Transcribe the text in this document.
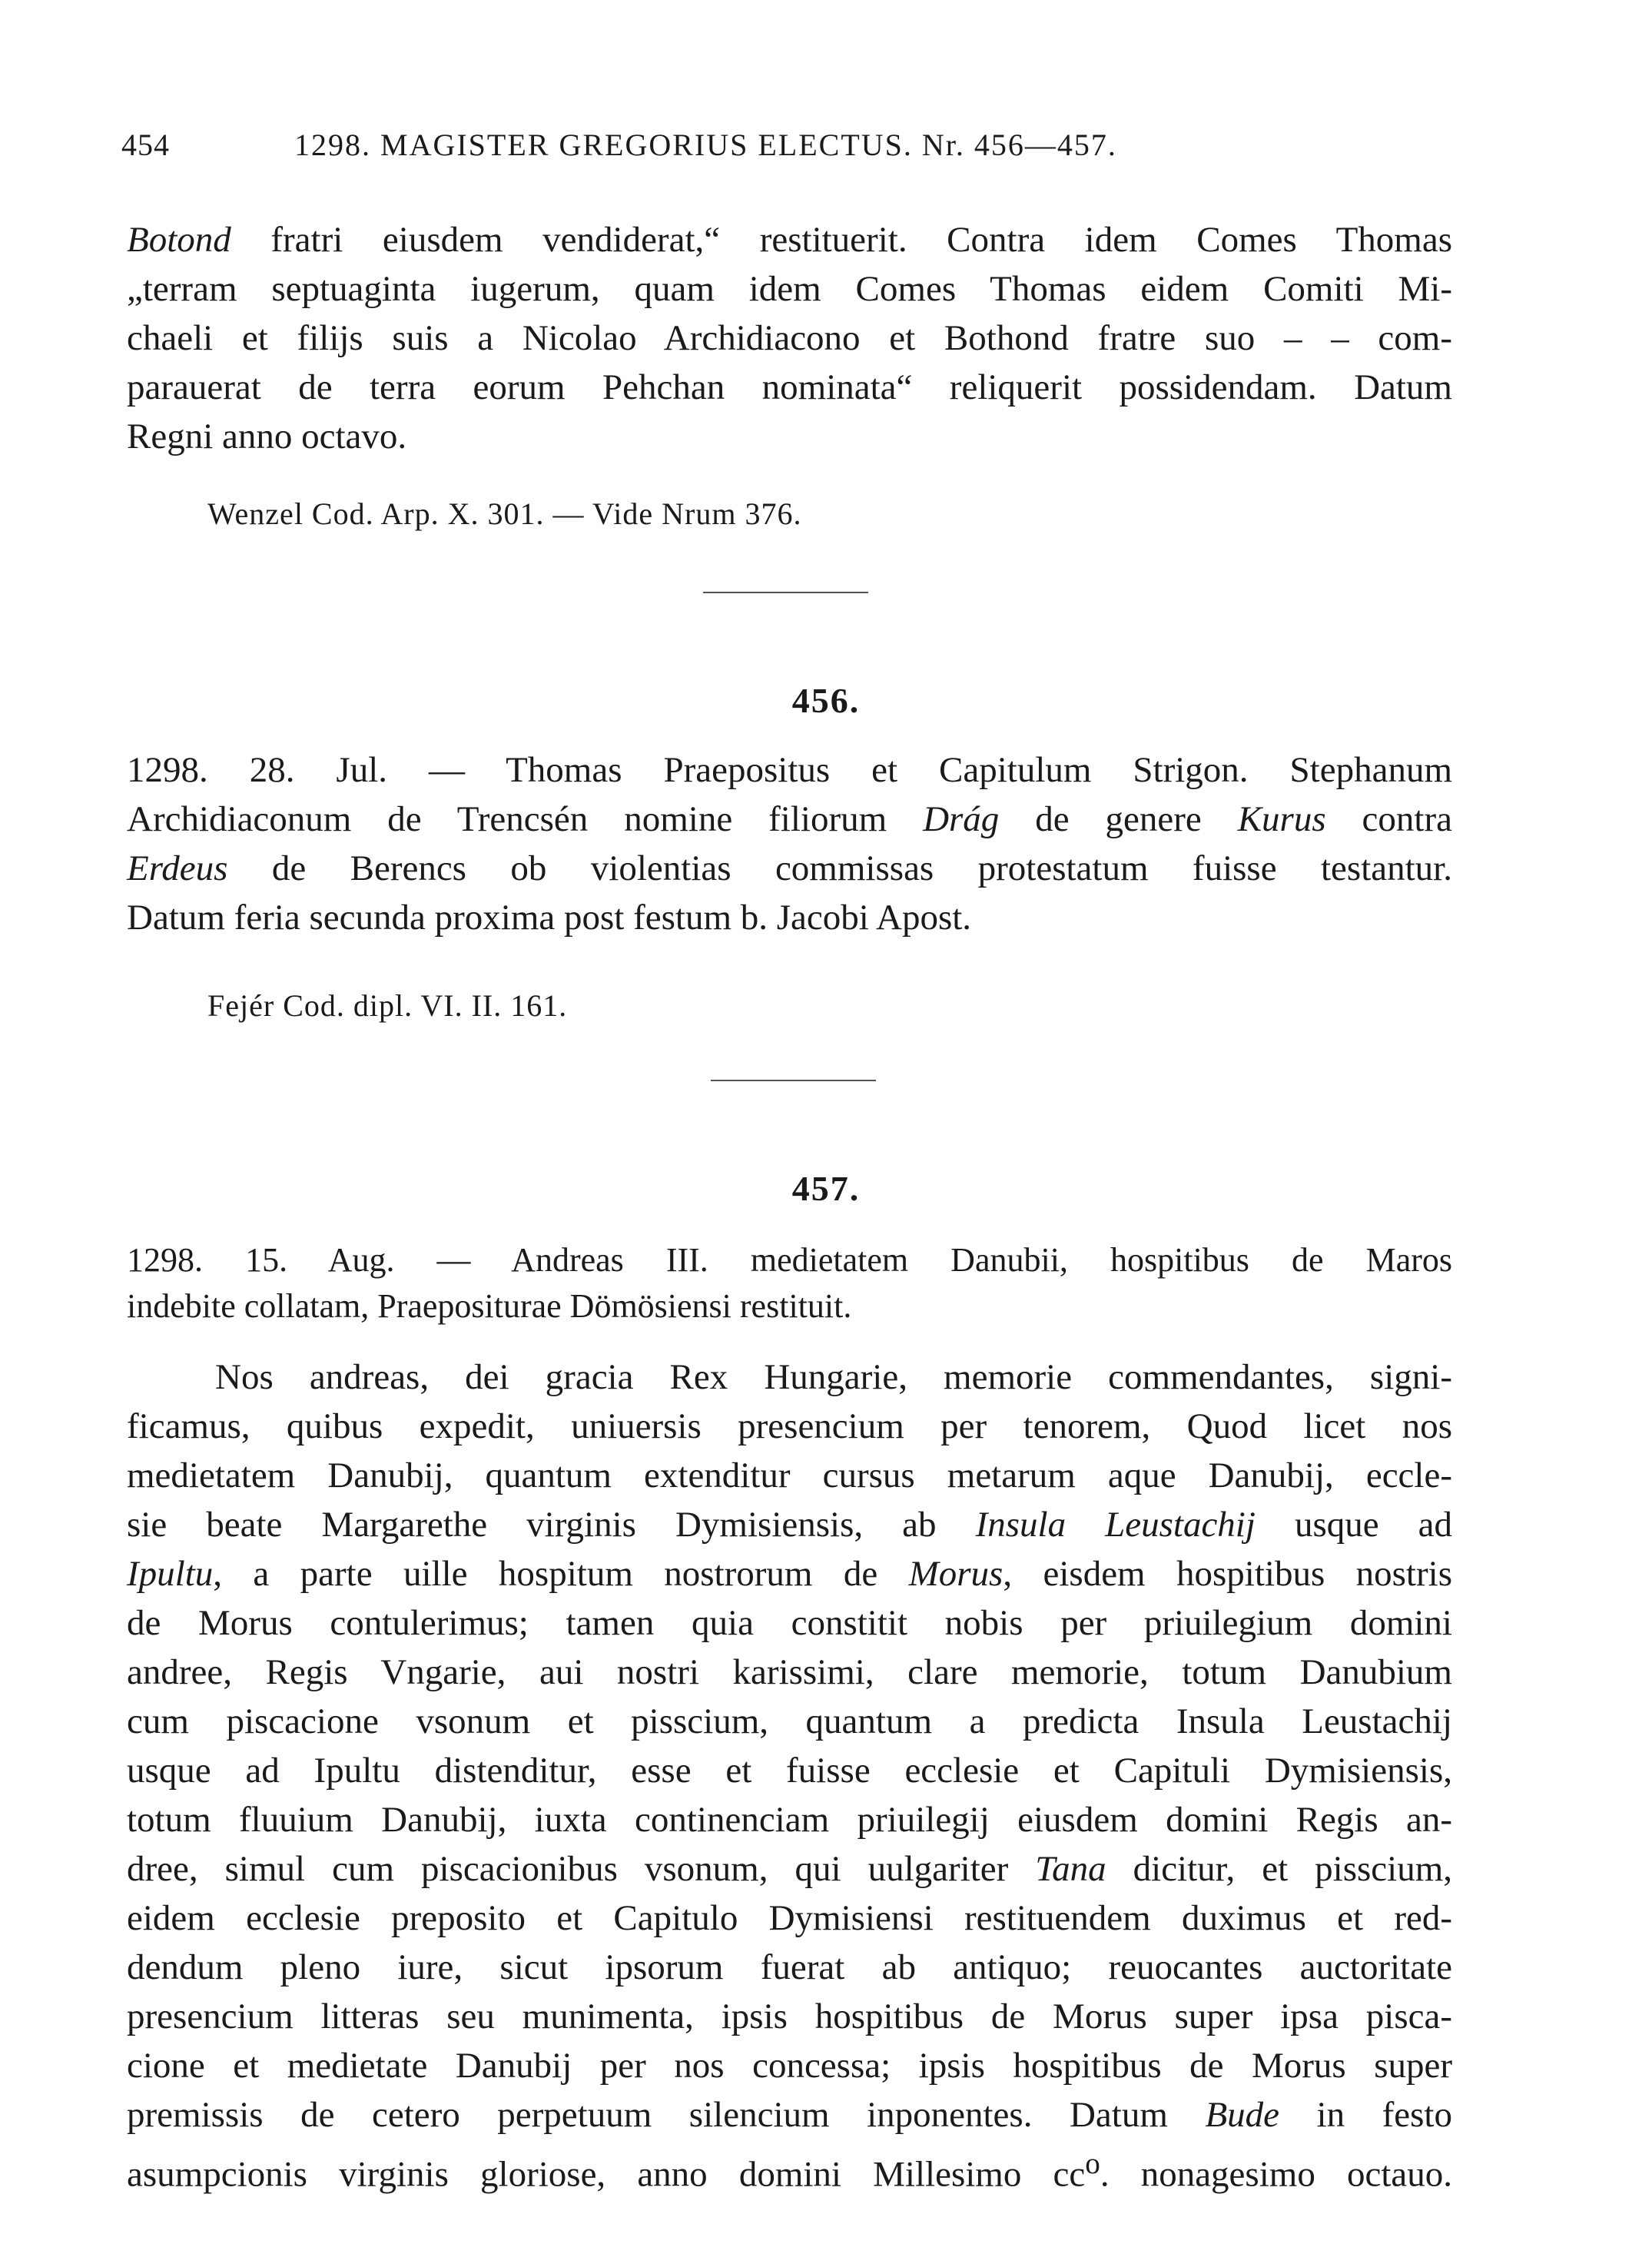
454	1298. MAGISTER GREGORIUS ELECTUS. Nr. 456—457.
Botond fratri eiusdem vendiderat,“ restituerit. Contra idem Comes Thomas
„terram septuaginta iugerum, quam idem Comes Thomas eidem Comiti Mi-
chaeli et filijs suis a Nicolao Archidiacono et Bothond fratre suo – – com-
parauerat de terra eorum Pehchan nominata“ reliquerit possidendam. Datum
Regni anno octavo.
Wenzel Cod. Arp. X. 301. — Vide Nrum 376.
456.
1298. 28. Jul. — Thomas Praepositus et Capitulum Strigon. Stephanum
Archidiaconum de Trencsén nomine filiorum Drág de genere Kurus contra
Erdeus de Berencs ob violentias commissas protestatum fuisse testantur.
Datum feria secunda proxima post festum b. Jacobi Apost.
Fejér Cod. dipl. VI. II. 161.
457.
1298. 15. Aug. — Andreas III. medietatem Danubii, hospitibus de Maros
indebite collatam, Praeposituraе Dömösiensi restituit.
Nos andreas, dei gracia Rex Hungarie, memorie commendantes, signi-
ficamus, quibus expedit, uniuersis presencium per tenorem, Quod licet nos
medietatem Danubij, quantum extenditur cursus metarum aque Danubij, eccle-
sie beate Margarethe virginis Dymisiensis, ab Insula Leustachij usque ad
Ipultu, a parte uille hospitum nostrorum de Morus, eisdem hospitibus nostris
de Morus contulerimus; tamen quia constitit nobis per priuilegium domini
andree, Regis Vngarie, aui nostri karissimi, clare memorie, totum Danubium
cum piscacione vsonum et pisscium, quantum a predicta Insula Leustachij
usque ad Ipultu distenditur, esse et fuisse ecclesie et Capituli Dymisiensis,
totum fluuium Danubij, iuxta continenciam priuilegij eiusdem domini Regis an-
dree, simul cum piscacionibus vsonum, qui uulgariter Tana dicitur, et pisscium,
eidem ecclesie preposito et Capitulo Dymisiensi restituendem duximus et red-
dendum pleno iure, sicut ipsorum fuerat ab antiquo; reuocantes auctoritate
presencium litteras seu munimenta, ipsis hospitibus de Morus super ipsa pisca-
cione et medietate Danubij per nos concessa; ipsis hospitibus de Morus super
premissis de cetero perpetuum silencium inponentes. Datum Bude in festo
asumpcionis virginis gloriose, anno domini Millesimo $cc^o$. nonagesimo octauo.
